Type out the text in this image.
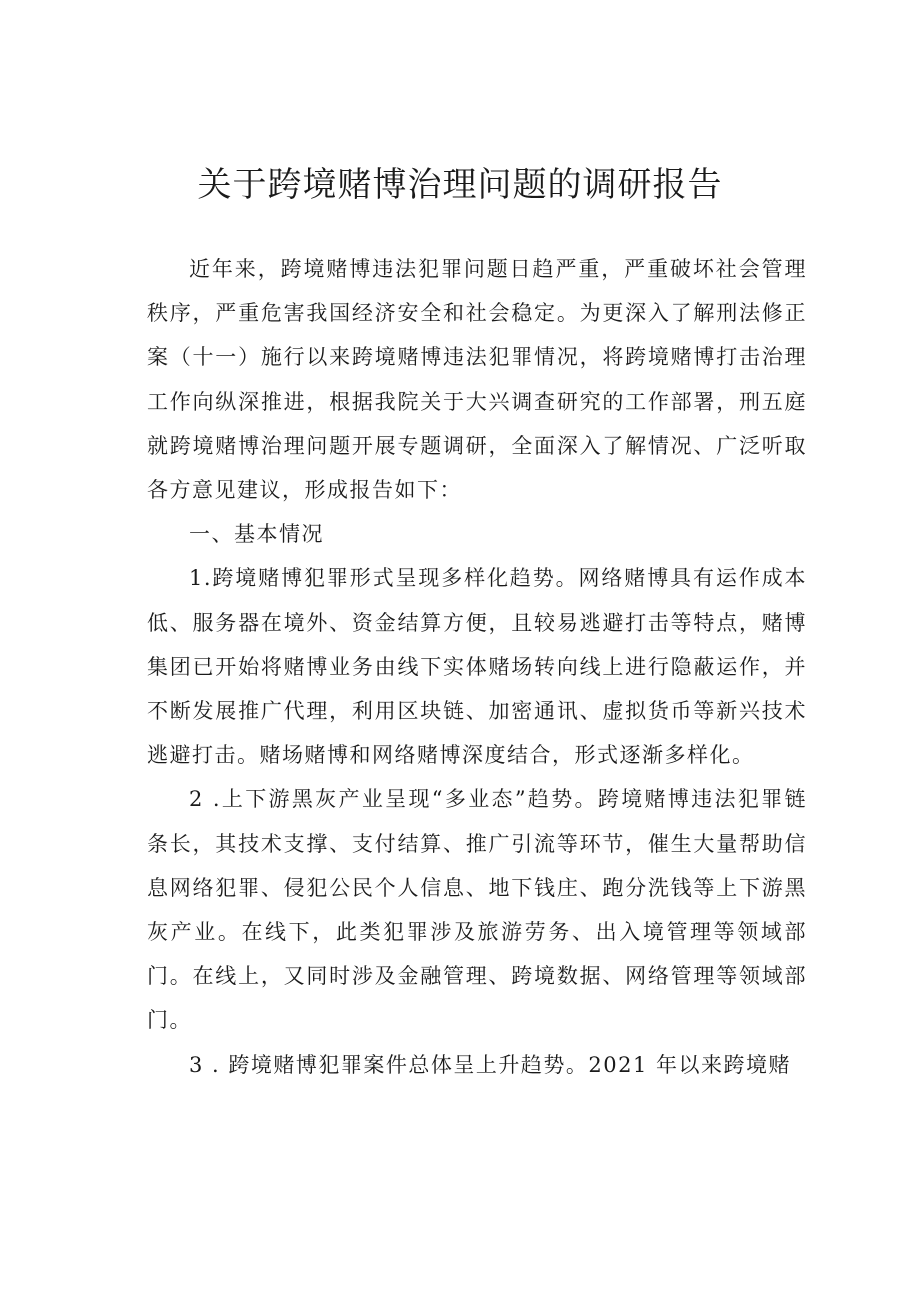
关于跨境赌博治理问题的调研报告

近年来，跨境赌博违法犯罪问题日趋严重，严重破坏社会管理秩序，严重危害我国经济安全和社会稳定。为更深入了解刑法修正案（十一）施行以来跨境赌博违法犯罪情况，将跨境赌博打击治理工作向纵深推进，根据我院关于大兴调查研究的工作部署，刑五庭就跨境赌博治理问题开展专题调研，全面深入了解情况、广泛听取各方意见建议，形成报告如下：

一、基本情况

1.跨境赌博犯罪形式呈现多样化趋势。网络赌博具有运作成本低、服务器在境外、资金结算方便，且较易逃避打击等特点，赌博集团已开始将赌博业务由线下实体赌场转向线上进行隐蔽运作，并不断发展推广代理，利用区块链、加密通讯、虚拟货币等新兴技术逃避打击。赌场赌博和网络赌博深度结合，形式逐渐多样化。

2 .上下游黑灰产业呈现“多业态”趋势。跨境赌博违法犯罪链条长，其技术支撑、支付结算、推广引流等环节，催生大量帮助信息网络犯罪、侵犯公民个人信息、地下钱庄、跑分洗钱等上下游黑灰产业。在线下，此类犯罪涉及旅游劳务、出入境管理等领域部门。在线上，又同时涉及金融管理、跨境数据、网络管理等领域部门。

3 . 跨境赌博犯罪案件总体呈上升趋势。2021 年以来跨境赌
